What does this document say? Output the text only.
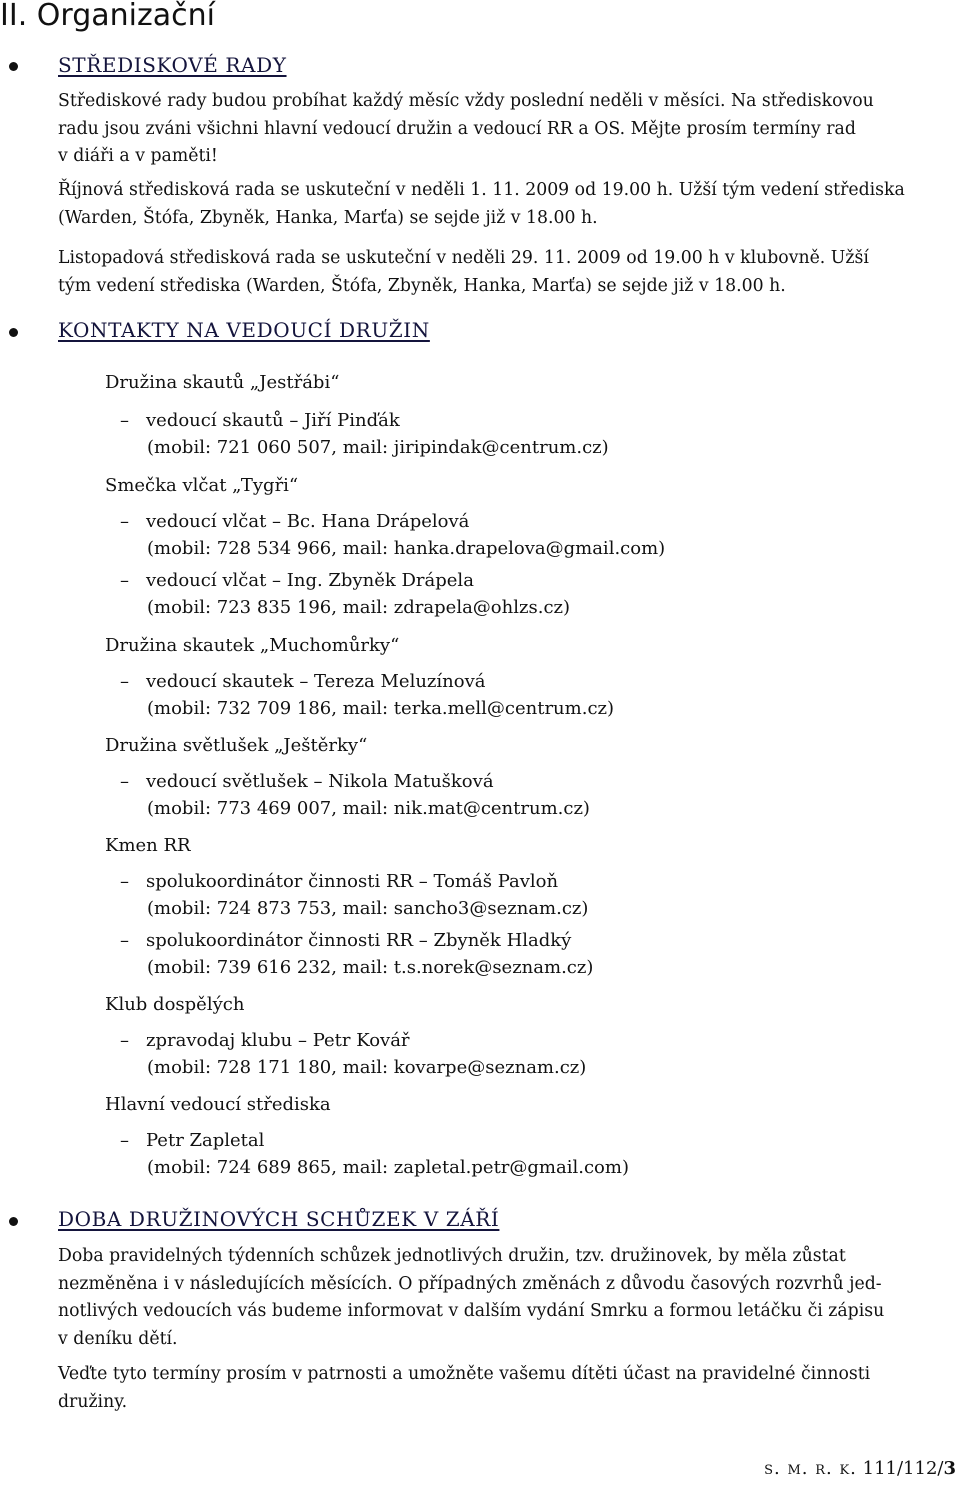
II. Organizační
STŘEDISKOVÉ RADY

Střediskové rady budou probíhat každý měsíc vždy poslední neděli v měsíci. Na střediskovou
radu jsou zváni všichni hlavní vedoucí družin a vedoucí RR a OS. Mějte prosím termíny rad
v diáři a v paměti!

Říjnová středisková rada se uskuteční v neděli 1. 11. 2009 od 19.00 h. Užší tým vedení střediska
(Warden, Štófa, Zbyněk, Hanka, Marťa) se sejde již v 18.00 h.

Listopadová středisková rada se uskuteční v neděli 29. 11. 2009 od 19.00 h v klubovně. Užší
tým vedení střediska (Warden, Štófa, Zbyněk, Hanka, Marťa) se sejde již v 18.00 h.

KONTAKTY NA VEDOUCÍ DRUŽIN

Družina skautů „Jestřábi“

– vedoucí skautů – Jiří Pinďák
(mobil: 721 060 507, mail: jiripindak@centrum.cz)

Smečka vlčat „Tygři“

– vedoucí vlčat – Bc. Hana Drápelová
(mobil: 728 534 966, mail: hanka.drapelova@gmail.com)

– vedoucí vlčat – Ing. Zbyněk Drápela
(mobil: 723 835 196, mail: zdrapela@ohlzs.cz)

Družina skautek „Muchomůrky“

– vedoucí skautek – Tereza Meluzínová
(mobil: 732 709 186, mail: terka.mell@centrum.cz)

Družina světlušek „Ještěrky“

– vedoucí světlušek – Nikola Matušková
(mobil: 773 469 007, mail: nik.mat@centrum.cz)

Kmen RR

– spolukoordinátor činnosti RR – Tomáš Pavloň
(mobil: 724 873 753, mail: sancho3@seznam.cz)

– spolukoordinátor činnosti RR – Zbyněk Hladký
(mobil: 739 616 232, mail: t.s.norek@seznam.cz)

Klub dospělých

– zpravodaj klubu – Petr Kovář
(mobil: 728 171 180, mail: kovarpe@seznam.cz)

Hlavní vedoucí střediska

– Petr Zapletal
(mobil: 724 689 865, mail: zapletal.petr@gmail.com)

DOBA DRUŽINOVÝCH SCHŮZEK V ZÁŘÍ

Doba pravidelných týdenních schůzek jednotlivých družin, tzv. družinovek, by měla zůstat
nezměněna i v následujících měsících. O případných změnách z důvodu časových rozvrhů jed-
notlivých vedoucích vás budeme informovat v dalším vydání Smrku a formou letáčku či zápisu
v deníku dětí.

Veďte tyto termíny prosím v patrnosti a umožněte vašemu dítěti účast na pravidelné činnosti
družiny.

s. m. r. k. 111/112/3
